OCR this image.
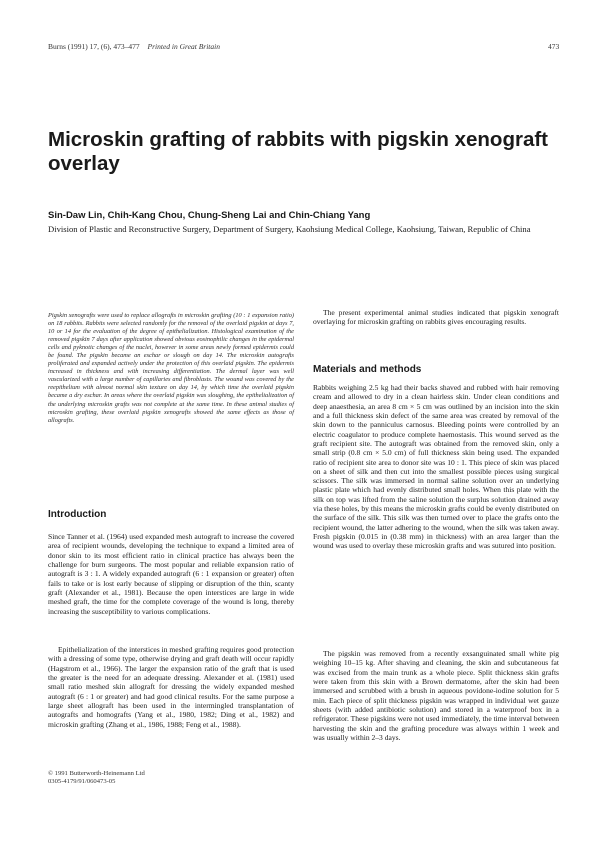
Burns (1991) 17, (6), 473–477 Printed in Great Britain	473
Microskin grafting of rabbits with pigskin xenograft overlay
Sin-Daw Lin, Chih-Kang Chou, Chung-Sheng Lai and Chin-Chiang Yang
Division of Plastic and Reconstructive Surgery, Department of Surgery, Kaohsiung Medical College, Kaohsiung, Taiwan, Republic of China

Pigskin xenografts were used to replace allografts in microskin grafting (10 : 1 expansion ratio) on 18 rabbits. Rabbits were selected randomly for the removal of the overlaid pigskin at days 7, 10 or 14 for the evaluation of the degree of epithelialization. Histological examination of the removed pigskin 7 days after application showed obvious eosinophilic changes in the epidermal cells and pyknotic changes of the nuclei, however in some areas newly formed epidermis could be found. The pigskin became an eschar or slough on day 14. The microskin autografts proliferated and expanded actively under the protection of this overlaid pigskin. The epidermis increased in thickness and with increasing differentiation. The dermal layer was well vascularized with a large number of capillaries and fibroblasts. The wound was covered by the reepithelium with almost normal skin texture on day 14, by which time the overlaid pigskin became a dry eschar. In areas where the overlaid pigskin was sloughing, the epithelialization of the underlying microskin grafts was not complete at the same time. In these animal studies of microskin grafting, these overlaid pigskin xenografts showed the same effects as those of allografts.

Introduction

Since Tanner et al. (1964) used expanded mesh autograft to increase the covered area of recipient wounds, developing the technique to expand a limited area of donor skin to its most efficient ratio in clinical practice has always been the challenge for burn surgeons. The most popular and reliable expansion ratio of autograft is 3 : 1. A widely expanded autograft (6 : 1 expansion or greater) often fails to take or is lost early because of slipping or disruption of the thin, scanty graft (Alexander et al., 1981). Because the open interstices are large in wide meshed graft, the time for the complete coverage of the wound is long, thereby increasing the susceptibility to various complications.

Epithelialization of the interstices in meshed grafting requires good protection with a dressing of some type, otherwise drying and graft death will occur rapidly (Hagstrom et al., 1966). The larger the expansion ratio of the graft that is used the greater is the need for an adequate dressing. Alexander et al. (1981) used small ratio meshed skin allograft for dressing the widely expanded meshed autograft (6 : 1 or greater) and had good clinical results. For the same purpose a large sheet allograft has been used in the intermingled transplantation of autografts and homografts (Yang et al., 1980, 1982; Ding et al., 1982) and microskin grafting (Zhang et al., 1986, 1988; Feng et al., 1988).

© 1991 Butterworth-Heinemann Ltd
0305-4179/91/060473-05

The present experimental animal studies indicated that pigskin xenograft overlaying for microskin grafting on rabbits gives encouraging results.

Materials and methods

Rabbits weighing 2.5 kg had their backs shaved and rubbed with hair removing cream and allowed to dry in a clean hairless skin. Under clean conditions and deep anaesthesia, an area 8 cm × 5 cm was outlined by an incision into the skin and a full thickness skin defect of the same area was created by removal of the skin down to the panniculus carnosus. Bleeding points were controlled by an electric coagulator to produce complete haemostasis. This wound served as the graft recipient site. The autograft was obtained from the removed skin, only a small strip (0.8 cm × 5.0 cm) of full thickness skin being used. The expanded ratio of recipient site area to donor site was 10 : 1. This piece of skin was placed on a sheet of silk and then cut into the smallest possible pieces using surgical scissors. The silk was immersed in normal saline solution over an underlying plastic plate which had evenly distributed small holes. When this plate with the silk on top was lifted from the saline solution the surplus solution drained away via these holes, by this means the microskin grafts could be evenly distributed on the surface of the silk. This silk was then turned over to place the grafts onto the recipient wound, the latter adhering to the wound, when the silk was taken away. Fresh pigskin (0.015 in (0.38 mm) in thickness) with an area larger than the wound was used to overlay these microskin grafts and was sutured into position.

The pigskin was removed from a recently exsanguinated small white pig weighing 10–15 kg. After shaving and cleaning, the skin and subcutaneous fat was excised from the main trunk as a whole piece. Split thickness skin grafts were taken from this skin with a Brown dermatome, after the skin had been immersed and scrubbed with a brush in aqueous povidone-iodine solution for 5 min. Each piece of split thickness pigskin was wrapped in individual wet gauze sheets (with added antibiotic solution) and stored in a waterproof box in a refrigerator. These pigskins were not used immediately, the time interval between harvesting the skin and the grafting procedure was always within 1 week and was usually within 2–3 days.
